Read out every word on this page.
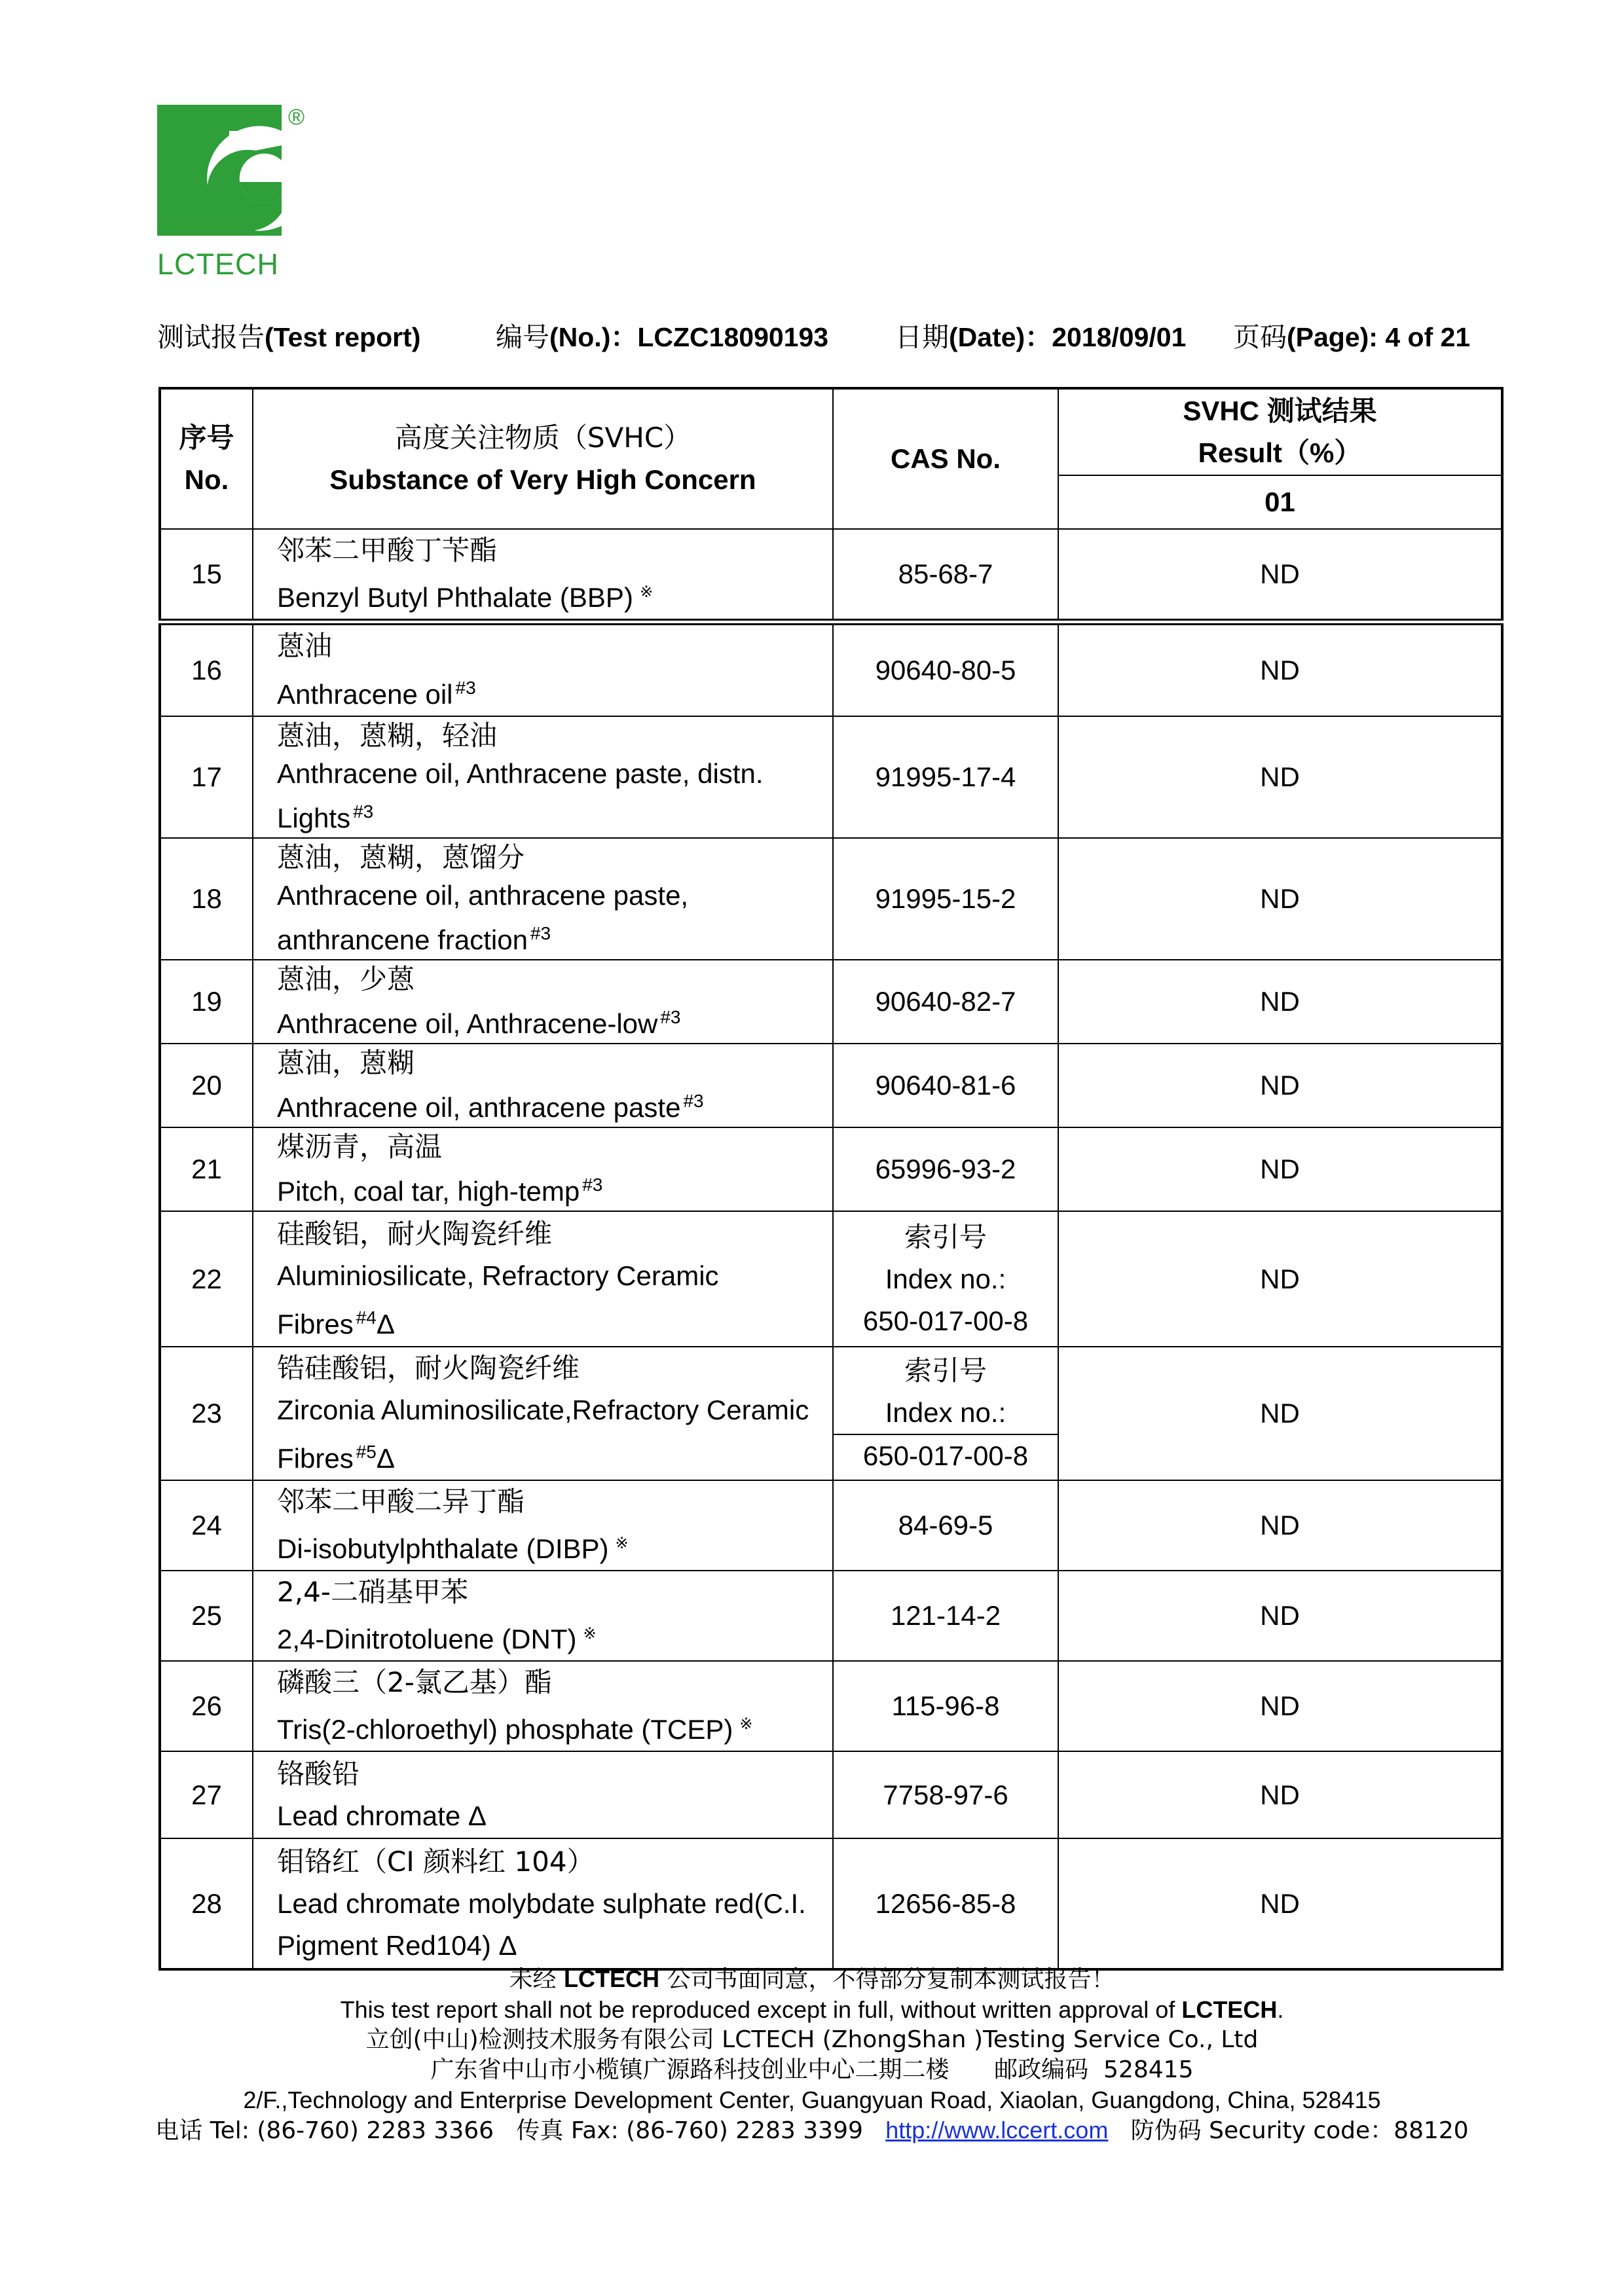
®
LCTECH
测试报告(Test report)	编号(No.)：LCZC18090193 日期(Date)：2018/09/01 页码(Page): 4 of 21
序号
No.	高度关注物质（SVHC）
Substance of Very High Concern	CAS No.	SVHC 测试结果
Result（%）
			01
15	邻苯二甲酸丁苄酯
Benzyl Butyl Phthalate (BBP) ※	85-68-7	ND
16	蒽油
Anthracene oil $^{\#3}$	90640-80-5	ND
17	蒽油，蒽糊，轻油
Anthracene oil, Anthracene paste, distn.
Lights $^{\#3}$	91995-17-4	ND
18	蒽油，蒽糊，蒽馏分
Anthracene oil, anthracene paste,
anthrancene fraction $^{\#3}$	91995-15-2	ND
19	蒽油，少蒽
Anthracene oil, Anthracene-low $^{\#3}$	90640-82-7	ND
20	蒽油，蒽糊
Anthracene oil, anthracene paste $^{\#3}$	90640-81-6	ND
21	煤沥青，高温
Pitch, coal tar, high-temp $^{\#3}$	65996-93-2	ND
22	硅酸铝，耐火陶瓷纤维
Aluminiosilicate, Refractory Ceramic
Fibres $^{\#4}$Δ	索引号
Index no.:
650-017-00-8	ND
23	锆硅酸铝，耐火陶瓷纤维
Zirconia Aluminosilicate,Refractory Ceramic
Fibres $^{\#5}$Δ	索引号
Index no.:
650-017-00-8	ND
24	邻苯二甲酸二异丁酯
Di-isobutylphthalate (DIBP) ※	84-69-5	ND
25	2,4-二硝基甲苯
2,4-Dinitrotoluene (DNT) ※	121-14-2	ND
26	磷酸三（2-氯乙基）酯
Tris(2-chloroethyl) phosphate (TCEP) ※	115-96-8	ND
27	铬酸铅
Lead chromate Δ	7758-97-6	ND
28	钼铬红（CI 颜料红 104）
Lead chromate molybdate sulphate red(C.I.
Pigment Red104) Δ	12656-85-8	ND
未经 LCTECH 公司书面同意，不得部分复制本测试报告！
This test report shall not be reproduced except in full, without written approval of LCTECH.
立创(中山)检测技术服务有限公司 LCTECH (ZhongShan )Testing Service Co., Ltd
广东省中山市小榄镇广源路科技创业中心二期二楼      邮政编码  528415
2/F.,Technology and Enterprise Development Center, Guangyuan Road, Xiaolan, Guangdong, China, 528415
电话 Tel: (86-760) 2283 3366   传真 Fax: (86-760) 2283 3399   http://www.lccert.com   防伪码 Security code：88120
